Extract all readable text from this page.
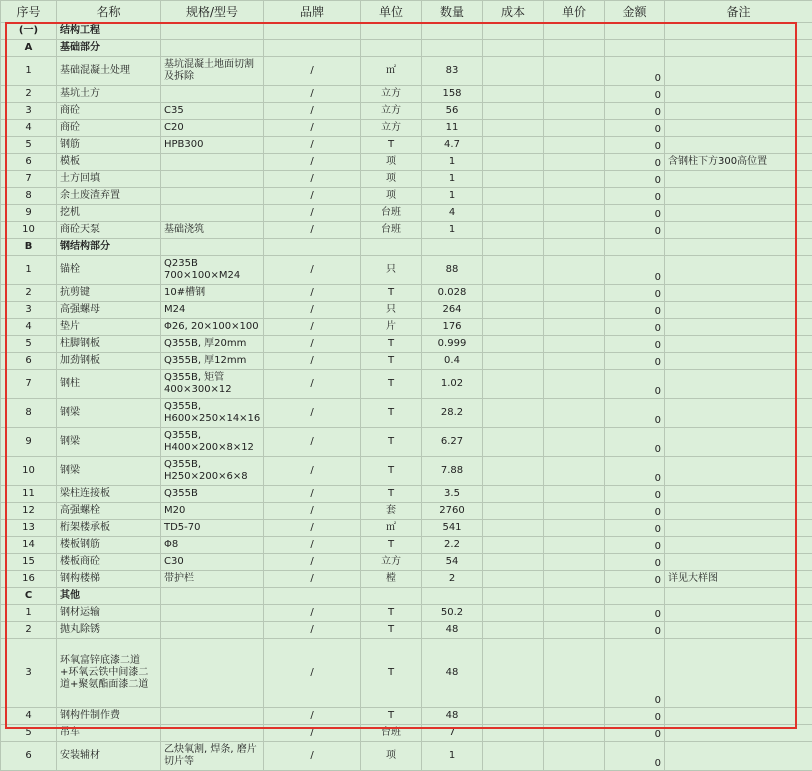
序号	名称	规格/型号	品牌	单位	数量	成本	单价	金额	备注
(一)	结构工程								
A	基础部分								
1	基础混凝土处理	基坑混凝土地面切割及拆除	/	㎡	83			0	
2	基坑土方		/	立方	158			0	
3	商砼	C35	/	立方	56			0	
4	商砼	C20	/	立方	11			0	
5	钢筋	HPB300	/	T	4.7			0	
6	模板		/	项	1			0	含钢柱下方300高位置
7	土方回填		/	项	1			0	
8	余土废渣弃置		/	项	1			0	
9	挖机		/	台班	4			0	
10	商砼天泵	基础浇筑	/	台班	1			0	
B	钢结构部分								
1	锚栓	Q235B 700×100×M24	/	只	88			0	
2	抗剪键	10#槽钢	/	T	0.028			0	
3	高强螺母	M24	/	只	264			0	
4	垫片	Φ26, 20×100×100	/	片	176			0	
5	柱脚钢板	Q355B, 厚20mm	/	T	0.999			0	
6	加劲钢板	Q355B, 厚12mm	/	T	0.4			0	
7	钢柱	Q355B, 矩管 400×300×12	/	T	1.02			0	
8	钢梁	Q355B, H600×250×14×16	/	T	28.2			0	
9	钢梁	Q355B, H400×200×8×12	/	T	6.27			0	
10	钢梁	Q355B, H250×200×6×8	/	T	7.88			0	
11	梁柱连接板	Q355B	/	T	3.5			0	
12	高强螺栓	M20	/	套	2760			0	
13	桁架楼承板	TD5-70	/	㎡	541			0	
14	楼板钢筋	Φ8	/	T	2.2			0	
15	楼板商砼	C30	/	立方	54			0	
16	钢构楼梯	带护栏	/	樘	2			0	详见大样图
C	其他								
1	钢材运输		/	T	50.2			0	
2	抛丸除锈		/	T	48			0	
3	环氧富锌底漆二道+环氧云铁中间漆二道+聚氨酯面漆二道		/	T	48			0	
4	钢构件制作费		/	T	48			0	
5	吊车		/	台班	7			0	
6	安装辅材	乙炔氧割, 焊条, 磨片切片等	/	项	1			0	
